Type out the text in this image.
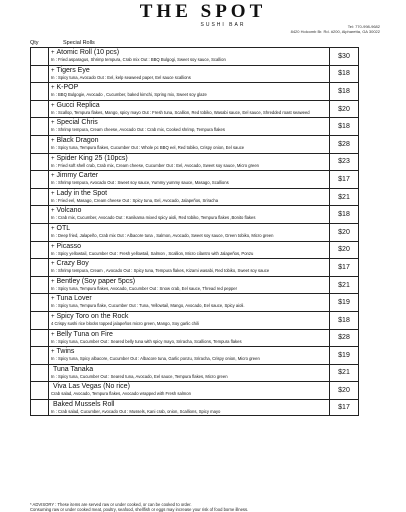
THE SPOT
SUSHI BAR	Tel: 770-998-9682
8420 Holcomb Br. Rd. #200, Alpharetta, GA 30022
Qty	Special Rolls
+ Atomic Roll (10 pcs)
In : Fried asparagus, Shrimp tempura, Crab mix Out : BBQ Bulgogi, Sweet soy sauce, Scallion	$30
+ Tigers Eye
In : Spicy tuna, Avocado Out : Eel, kelp seaweed paper, Eel sauce scallions	$18
+ K-POP
In : BBQ Bulgogie, Avocado , Cucumber, baked kimchi, Spring mix, Sweet soy glaze	$18
+ Gucci Replica
In : Scallop, Tempura flakes, Mango, spicy mayo Out : Fresh tuna, Scallion, Red tobiko, Wasabi sauce, Eel sauce, Shredded roast seaweed	$20
+ Special Chris
In : Shrimp tempura, Cream cheese, Avocado Out : Crab mix, Cooked shrimp, Tempura flakes	$18
+ Black Dragon
In : Spicy tuna, Tempura flakes, Cucumber Out : Whole pc BBQ eel, Red tobiko, Crispy onion, Eel sauce	$28
+ Spider King 25 (10pcs)
In : Fried soft shell crab, Crab mix, Cream cheese, Cucumber Out : Eel, Avocado, Sweet soy sauce, Micro green	$23
+ Jimmy Carter
In : Shrimp tempura, Avocado Out : Sweet soy sauce, Yummy yummy sauce, Masago, Scallions	$17
+ Lady in the Spot
In : Fried eel, Masago, Cream cheese Out : Spicy tuna, Eel, Avocado, Jalapeños, Sriracha	$21
+ Volcano
In : Crab mix, Cucumber, Avocado Out : Kanikama mixed spicy aioli, Red tobiko, Tempura flakes ,Bonito flakes	$18
+ OTL
In : Deep fried, Jalapeño, Crab mix Out : Albacore tuna , Salmon, Avocado, Sweet soy sauce, Green tobiko, Micro green	$20
+ Picasso
In : Spicy yellowtail, Cucumber Out : Fresh yellowtail, Salmon , Scallion, Micro cilantro with Jalapeños, Ponzu	$20
+ Crazy Boy
In : Shrimp tempura, Cream , Avocado Out : Spicy tuna, Tempura flakes, Kizami wasabi, Red tobiko, Sweet soy sauce	$17
+ Bentley (Soy paper 5pcs)
In : Spicy tuna, Tempura flakes, Avocado, Cucumber Out : Snow crab, Eel sauce, Thread red pepper	$21
+ Tuna Lover
In : Spicy tuna, Tempura flake, Cucumber Out : Tuna, Yellowtail, Mango, Avocado, Eel sauce, Spicy aioli.	$19
+ Spicy Toro on the Rock
4 Crispy sushi rice blocks topped jalapeños micro green, Mango, Soy garlic chili	$18
+ Belly Tuna on Fire
In : Spicy tuna, Cucumber Out : Seared belly tuna with spicy mayo, Sriracha, Scallions, Tempura flakes	$28
+ Twins
In : Spicy tuna, Spicy albacore, Cucumber Out : Albacore tuna, Garlic ponzu, Sriracha, Crispy onion, Micro green	$19
Tuna Tanaka
In : Spicy tuna, Cucumber Out : Seared tuna, Avocado, Eel sauce, Tempura flakes, Micro green	$21
Viva Las Vegas (No rice)
Crab salad, Avocado, Tempura flakes, Avocado wrapped with Fresh salmon	$20
Baked Mussels Roll
In : Crab salad, Cucumber, Avocado Out : Mussels, Kani crab, onion, Scallions, Spicy mayo
$17
* ADVISORY : These items are served raw or under cooked, or can be cooked to order.
Consuming raw or under cooked meat, poultry, seafood, shellfish or eggs may increase your risk of food borne illness.
